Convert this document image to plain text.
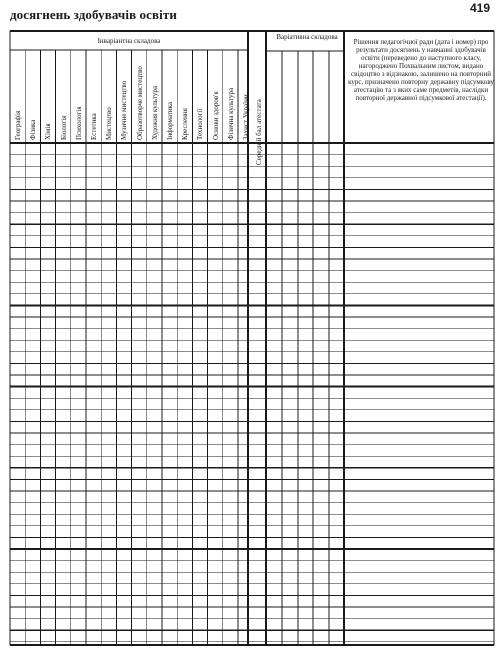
досягнень здобувачів освіти	419
Інваріантна складова	Варіативна складова
Рішення педагогічної ради (дата і номер) про результати досягнень у навчанні здобувачів освіти (переведено до наступного класу, нагороджено Похвальним листом, видано свідоцтво з відзнакою, залишено на повторний курс, призначено повторну державну підсумкову атестацію та з яких саме предметів, наслідки повторної державної підсумкової атестації).
Географія Фізика Хімія Біологія Психологія Естетика Мистецтво Музичне мистецтво Образотворче мистецтво Художня культура Інформатика Креслення Технології Основи здоров'я Фізична культура Захист України Середній бал атестата
